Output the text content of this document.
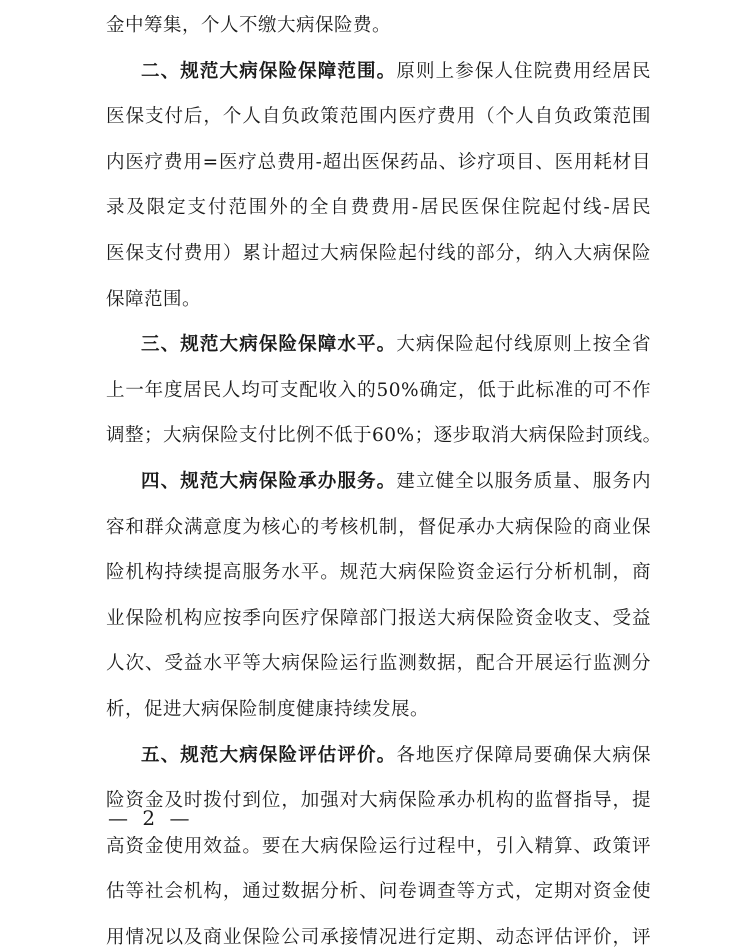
金中筹集，个人不缴大病保险费。
二、规范大病保险保障范围。原则上参保人住院费用经居民
医保支付后，个人自负政策范围内医疗费用（个人自负政策范围
内医疗费用=医疗总费用-超出医保药品、诊疗项目、医用耗材目
录及限定支付范围外的全自费费用-居民医保住院起付线-居民
医保支付费用）累计超过大病保险起付线的部分，纳入大病保险
保障范围。
三、规范大病保险保障水平。大病保险起付线原则上按全省
上一年度居民人均可支配收入的50%确定，低于此标准的可不作
调整；大病保险支付比例不低于60%；逐步取消大病保险封顶线。
四、规范大病保险承办服务。建立健全以服务质量、服务内
容和群众满意度为核心的考核机制，督促承办大病保险的商业保
险机构持续提高服务水平。规范大病保险资金运行分析机制，商
业保险机构应按季向医疗保障部门报送大病保险资金收支、受益
人次、受益水平等大病保险运行监测数据，配合开展运行监测分
析，促进大病保险制度健康持续发展。
五、规范大病保险评估评价。各地医疗保障局要确保大病保
险资金及时拨付到位，加强对大病保险承办机构的监督指导，提
高资金使用效益。要在大病保险运行过程中，引入精算、政策评
估等社会机构，通过数据分析、问卷调查等方式，定期对资金使
用情况以及商业保险公司承接情况进行定期、动态评估评价，评
— 2 —
